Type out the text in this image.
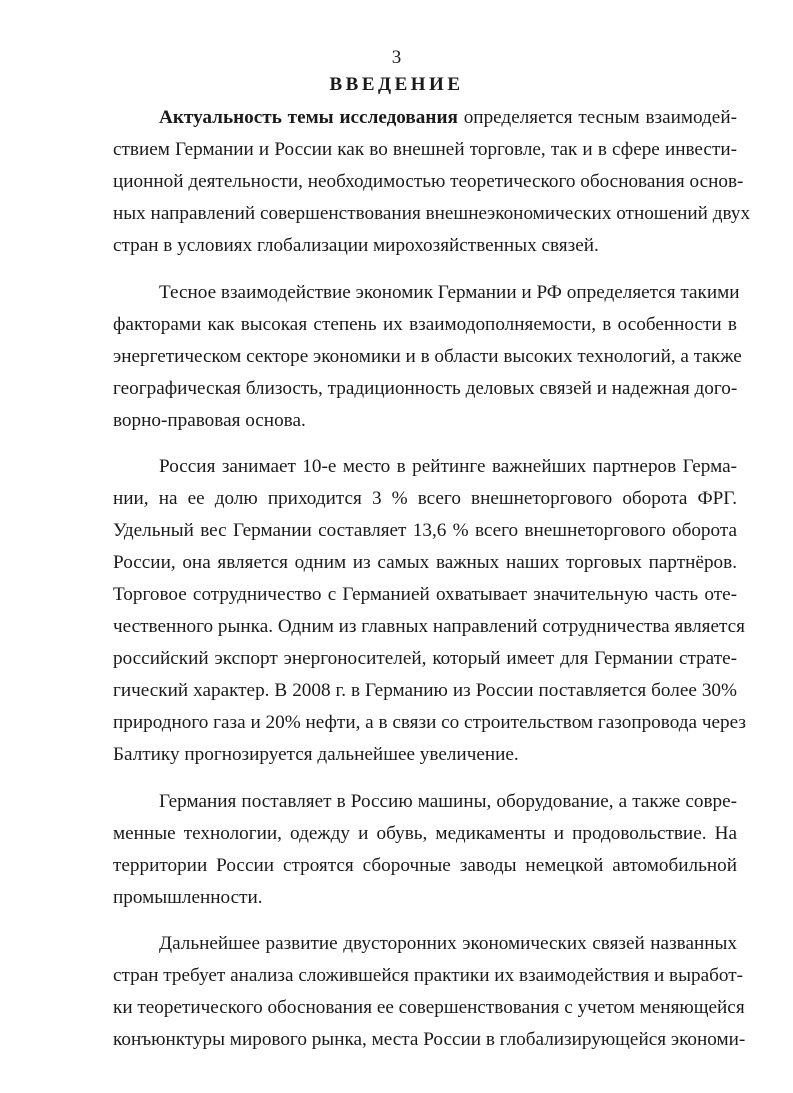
3
ВВЕДЕНИЕ
Актуальность темы исследования определяется тесным взаимодей-
ствием Германии и России как во внешней торговле, так и в сфере инвести-
ционной деятельности, необходимостью теоретического обоснования основ-
ных направлений совершенствования внешнеэкономических отношений двух
стран в условиях глобализации мирохозяйственных связей.
Тесное взаимодействие экономик Германии и РФ определяется такими
факторами как высокая степень их взаимодополняемости, в особенности в
энергетическом секторе экономики и в области высоких технологий, а также
географическая близость, традиционность деловых связей и надежная дого-
ворно-правовая основа.
Россия занимает 10-е место в рейтинге важнейших партнеров Герма-
нии, на ее долю приходится 3 % всего внешнеторгового оборота ФРГ.
Удельный вес Германии составляет 13,6 % всего внешнеторгового оборота
России, она является одним из самых важных наших торговых партнёров.
Торговое сотрудничество с Германией охватывает значительную часть оте-
чественного рынка. Одним из главных направлений сотрудничества является
российский экспорт энергоносителей, который имеет для Германии страте-
гический характер. В 2008 г. в Германию из России поставляется более 30%
природного газа и 20% нефти, а в связи со строительством газопровода через
Балтику прогнозируется дальнейшее увеличение.
Германия поставляет в Россию машины, оборудование, а также совре-
менные технологии, одежду и обувь, медикаменты и продовольствие. На
территории России строятся сборочные заводы немецкой автомобильной
промышленности.
Дальнейшее развитие двусторонних экономических связей названных
стран требует анализа сложившейся практики их взаимодействия и выработ-
ки теоретического обоснования ее совершенствования с учетом меняющейся
конъюнктуры мирового рынка, места России в глобализирующейся экономи-
